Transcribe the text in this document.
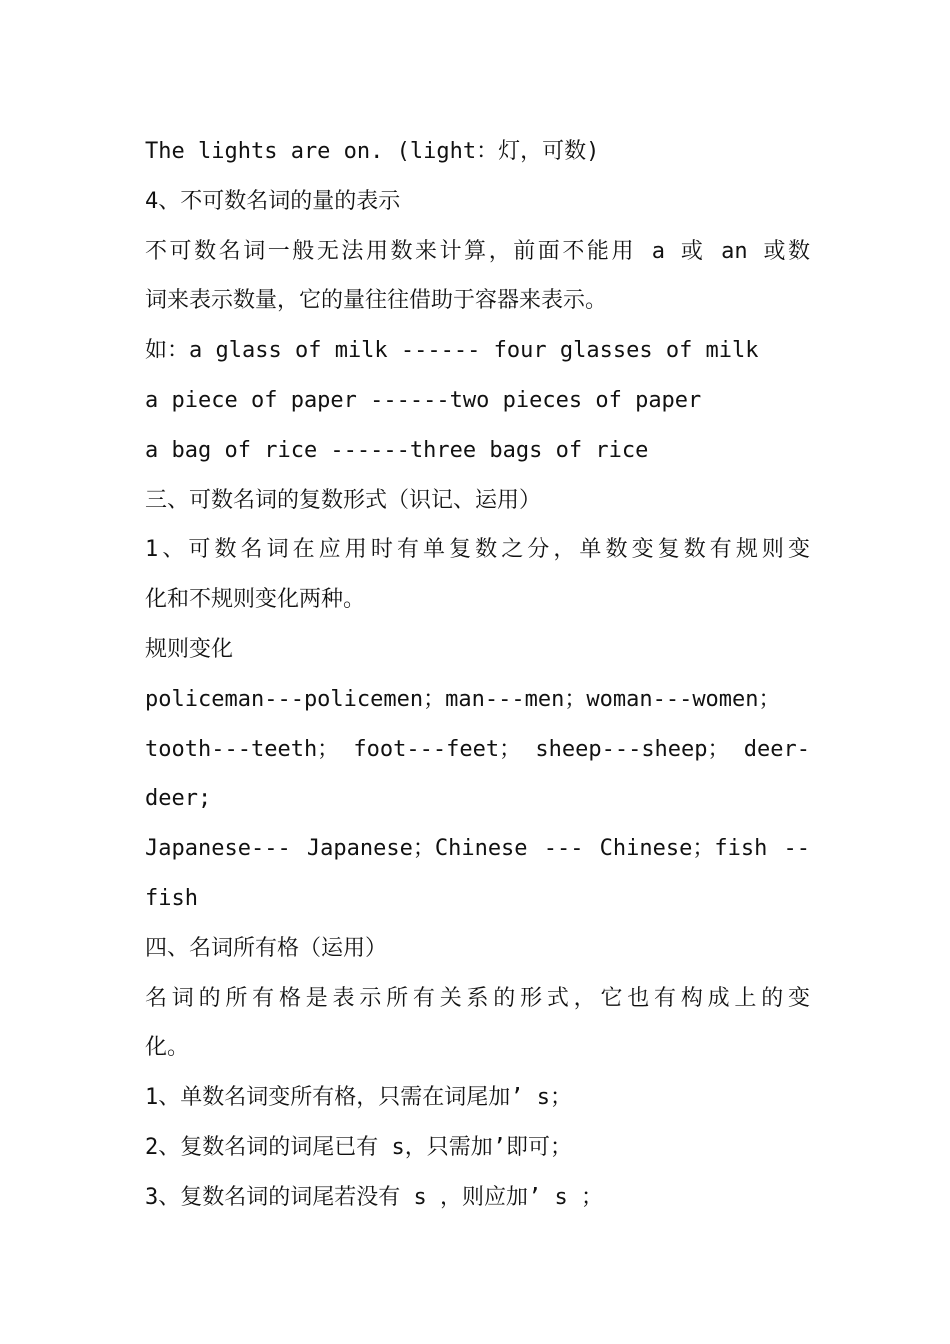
The lights are on. (light：灯，可数)
4、不可数名词的量的表示
不可数名词一般无法用数来计算，前面不能用 a 或 an 或数
词来表示数量，它的量往往借助于容器来表示。
如：a glass of milk ------ four glasses of milk
a piece of paper ------two pieces of paper
a bag of rice ------three bags of rice
三、可数名词的复数形式（识记、运用）
1、可数名词在应用时有单复数之分，单数变复数有规则变
化和不规则变化两种。
规则变化
policeman---policemen；man---men；woman---women；
tooth---teeth； foot---feet； sheep---sheep； deer-
deer;
Japanese--- Japanese；Chinese --- Chinese；fish --
fish
四、名词所有格（运用）
名词的所有格是表示所有关系的形式，它也有构成上的变
化。
1、单数名词变所有格，只需在词尾加’ s；
2、复数名词的词尾已有 s，只需加’即可；
3、复数名词的词尾若没有 s ，则应加’ s ；
